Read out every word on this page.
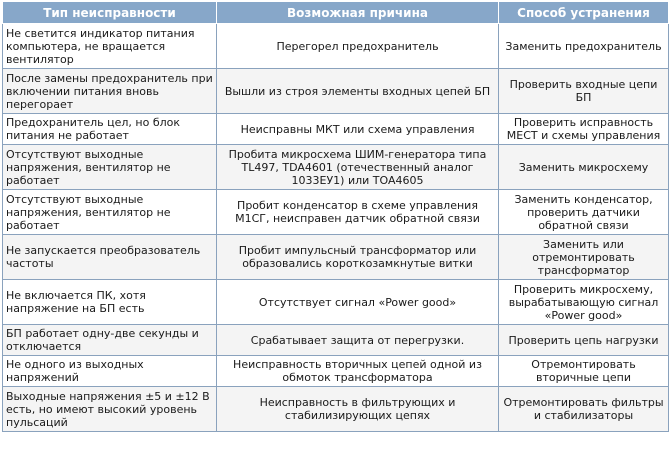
Тип неисправности	Возможная причина	Способ устранения
Не светится индикатор питания компьютера, не вращается вентилятор	Перегорел предохранитель	Заменить предохранитель
После замены предохранитель при включении питания вновь перегорает	Вышли из строя элементы входных цепей БП	Проверить входные цепи БП
Предохранитель цел, но блок питания не работает	Неисправны МКТ или схема управления	Проверить исправность МЕСТ и схемы управления
Отсутствуют выходные напряжения, вентилятор не работает	Пробита микросхема ШИМ-генератора типа TL497, TDA4601 (отечественный аналог 1033ЕУ1) или TOA4605	Заменить микросхему
Отсутствуют выходные напряжения, вентилятор не работает	Пробит конденсатор в схеме управления М1СГ, неисправен датчик обратной связи	Заменить конденсатор, проверить датчики обратной связи
Не запускается преобразователь частоты	Пробит импульсный трансформатор или образовались короткозамкнутые витки	Заменить или отремонтировать трансформатор
Не включается ПК, хотя напряжение на БП есть	Отсутствует сигнал «Power good»	Проверить микросхему, вырабатывающую сигнал «Power good»
БП работает одну-две секунды и отключается	Срабатывает защита от перегрузки.	Проверить цепь нагрузки
Не одного из выходных напряжений	Неисправность вторичных цепей одной из обмоток трансформатора	Отремонтировать вторичные цепи
Выходные напряжения ±5 и ±12 В есть, но имеют высокий уровень пульсаций	Неисправность в фильтрующих и стабилизирующих цепях	Отремонтировать фильтры и стабилизаторы
